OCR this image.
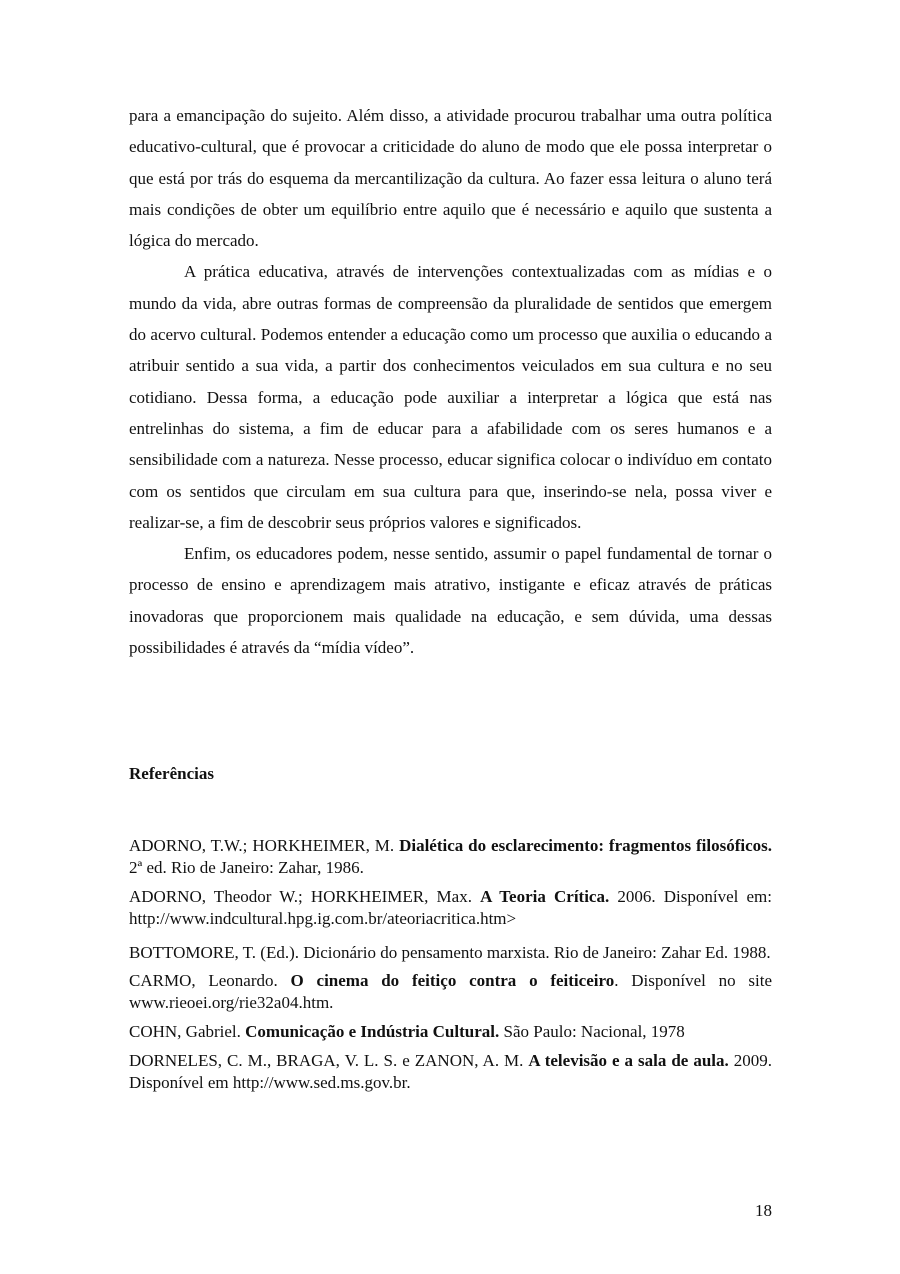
para a emancipação do sujeito. Além disso, a atividade procurou trabalhar uma outra política educativo-cultural, que é provocar a criticidade do aluno de modo que ele possa interpretar o que está por trás do esquema da mercantilização da cultura. Ao fazer essa leitura o aluno terá mais condições de obter um equilíbrio entre aquilo que é necessário e aquilo que sustenta a lógica do mercado.

A prática educativa, através de intervenções contextualizadas com as mídias e o mundo da vida, abre outras formas de compreensão da pluralidade de sentidos que emergem do acervo cultural. Podemos entender a educação como um processo que auxilia o educando a atribuir sentido a sua vida, a partir dos conhecimentos veiculados em sua cultura e no seu cotidiano. Dessa forma, a educação pode auxiliar a interpretar a lógica que está nas entrelinhas do sistema, a fim de educar para a afabilidade com os seres humanos e a sensibilidade com a natureza. Nesse processo, educar significa colocar o indivíduo em contato com os sentidos que circulam em sua cultura para que, inserindo-se nela, possa viver e realizar-se, a fim de descobrir seus próprios valores e significados.

Enfim, os educadores podem, nesse sentido, assumir o papel fundamental de tornar o processo de ensino e aprendizagem mais atrativo, instigante e eficaz através de práticas inovadoras que proporcionem mais qualidade na educação, e sem dúvida, uma dessas possibilidades é através da “mídia vídeo”.

Referências

ADORNO, T.W.; HORKHEIMER, M. Dialética do esclarecimento: fragmentos filosóficos. 2ª ed. Rio de Janeiro: Zahar, 1986.

ADORNO, Theodor W.; HORKHEIMER, Max. A Teoria Crítica. 2006. Disponível em: http://www.indcultural.hpg.ig.com.br/ateoriacritica.htm>

BOTTOMORE, T. (Ed.). Dicionário do pensamento marxista. Rio de Janeiro: Zahar Ed. 1988.

CARMO, Leonardo. O cinema do feitiço contra o feiticeiro. Disponível no site www.rieoei.org/rie32a04.htm.

COHN, Gabriel. Comunicação e Indústria Cultural. São Paulo: Nacional, 1978

DORNELES, C. M., BRAGA, V. L. S. e ZANON, A. M. A televisão e a sala de aula. 2009. Disponível em http://www.sed.ms.gov.br.

18
